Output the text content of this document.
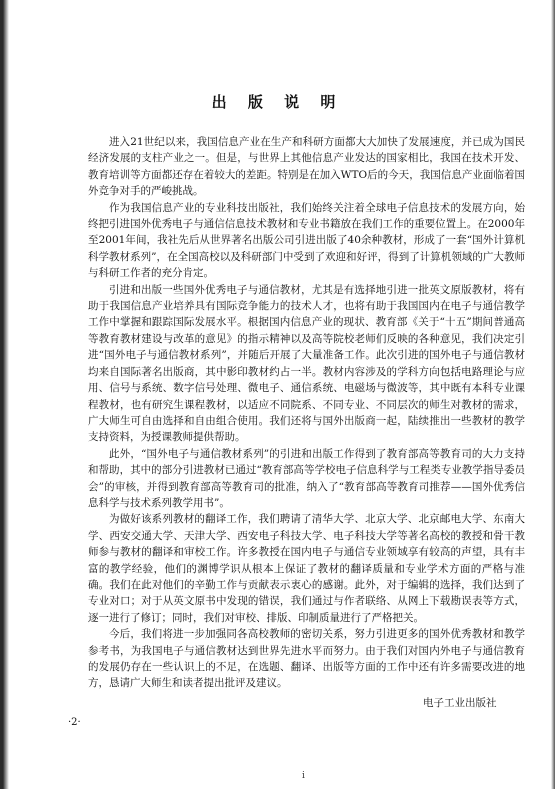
出 版 说 明

进入21世纪以来，我国信息产业在生产和科研方面都大大加快了发展速度，并已成为国民经济发展的支柱产业之一。但是，与世界上其他信息产业发达的国家相比，我国在技术开发、教育培训等方面都还存在着较大的差距。特别是在加入WTO后的今天，我国信息产业面临着国外竞争对手的严峻挑战。

作为我国信息产业的专业科技出版社，我们始终关注着全球电子信息技术的发展方向，始终把引进国外优秀电子与通信信息技术教材和专业书籍放在我们工作的重要位置上。在2000年至2001年间，我社先后从世界著名出版公司引进出版了40余种教材，形成了一套“国外计算机科学教材系列”，在全国高校以及科研部门中受到了欢迎和好评，得到了计算机领域的广大教师与科研工作者的充分肯定。

引进和出版一些国外优秀电子与通信教材，尤其是有选择地引进一批英文原版教材，将有助于我国信息产业培养具有国际竞争能力的技术人才，也将有助于我国国内在电子与通信教学工作中掌握和跟踪国际发展水平。根据国内信息产业的现状、教育部《关于“十五”期间普通高等教育教材建设与改革的意见》的指示精神以及高等院校老师们反映的各种意见，我们决定引进“国外电子与通信教材系列”，并随后开展了大量准备工作。此次引进的国外电子与通信教材均来自国际著名出版商，其中影印教材约占一半。教材内容涉及的学科方向包括电路理论与应用、信号与系统、数字信号处理、微电子、通信系统、电磁场与微波等，其中既有本科专业课程教材，也有研究生课程教材，以适应不同院系、不同专业、不同层次的师生对教材的需求，广大师生可自由选择和自由组合使用。我们还将与国外出版商一起，陆续推出一些教材的教学支持资料，为授课教师提供帮助。

此外，“国外电子与通信教材系列”的引进和出版工作得到了教育部高等教育司的大力支持和帮助，其中的部分引进教材已通过“教育部高等学校电子信息科学与工程类专业教学指导委员会”的审核，并得到教育部高等教育司的批准，纳入了“教育部高等教育司推荐——国外优秀信息科学与技术系列教学用书”。

为做好该系列教材的翻译工作，我们聘请了清华大学、北京大学、北京邮电大学、东南大学、西安交通大学、天津大学、西安电子科技大学、电子科技大学等著名高校的教授和骨干教师参与教材的翻译和审校工作。许多教授在国内电子与通信专业领域享有较高的声望，具有丰富的教学经验，他们的渊博学识从根本上保证了教材的翻译质量和专业学术方面的严格与准确。我们在此对他们的辛勤工作与贡献表示衷心的感谢。此外，对于编辑的选择，我们达到了专业对口；对于从英文原书中发现的错误，我们通过与作者联络、从网上下载勘误表等方式，逐一进行了修订；同时，我们对审校、排版、印制质量进行了严格把关。

今后，我们将进一步加强同各高校教师的密切关系，努力引进更多的国外优秀教材和教学参考书，为我国电子与通信教材达到世界先进水平而努力。由于我们对国内外电子与通信教育的发展仍存在一些认识上的不足，在选题、翻译、出版等方面的工作中还有许多需要改进的地方，恳请广大师生和读者提出批评及建议。

电子工业出版社
·2·
i
